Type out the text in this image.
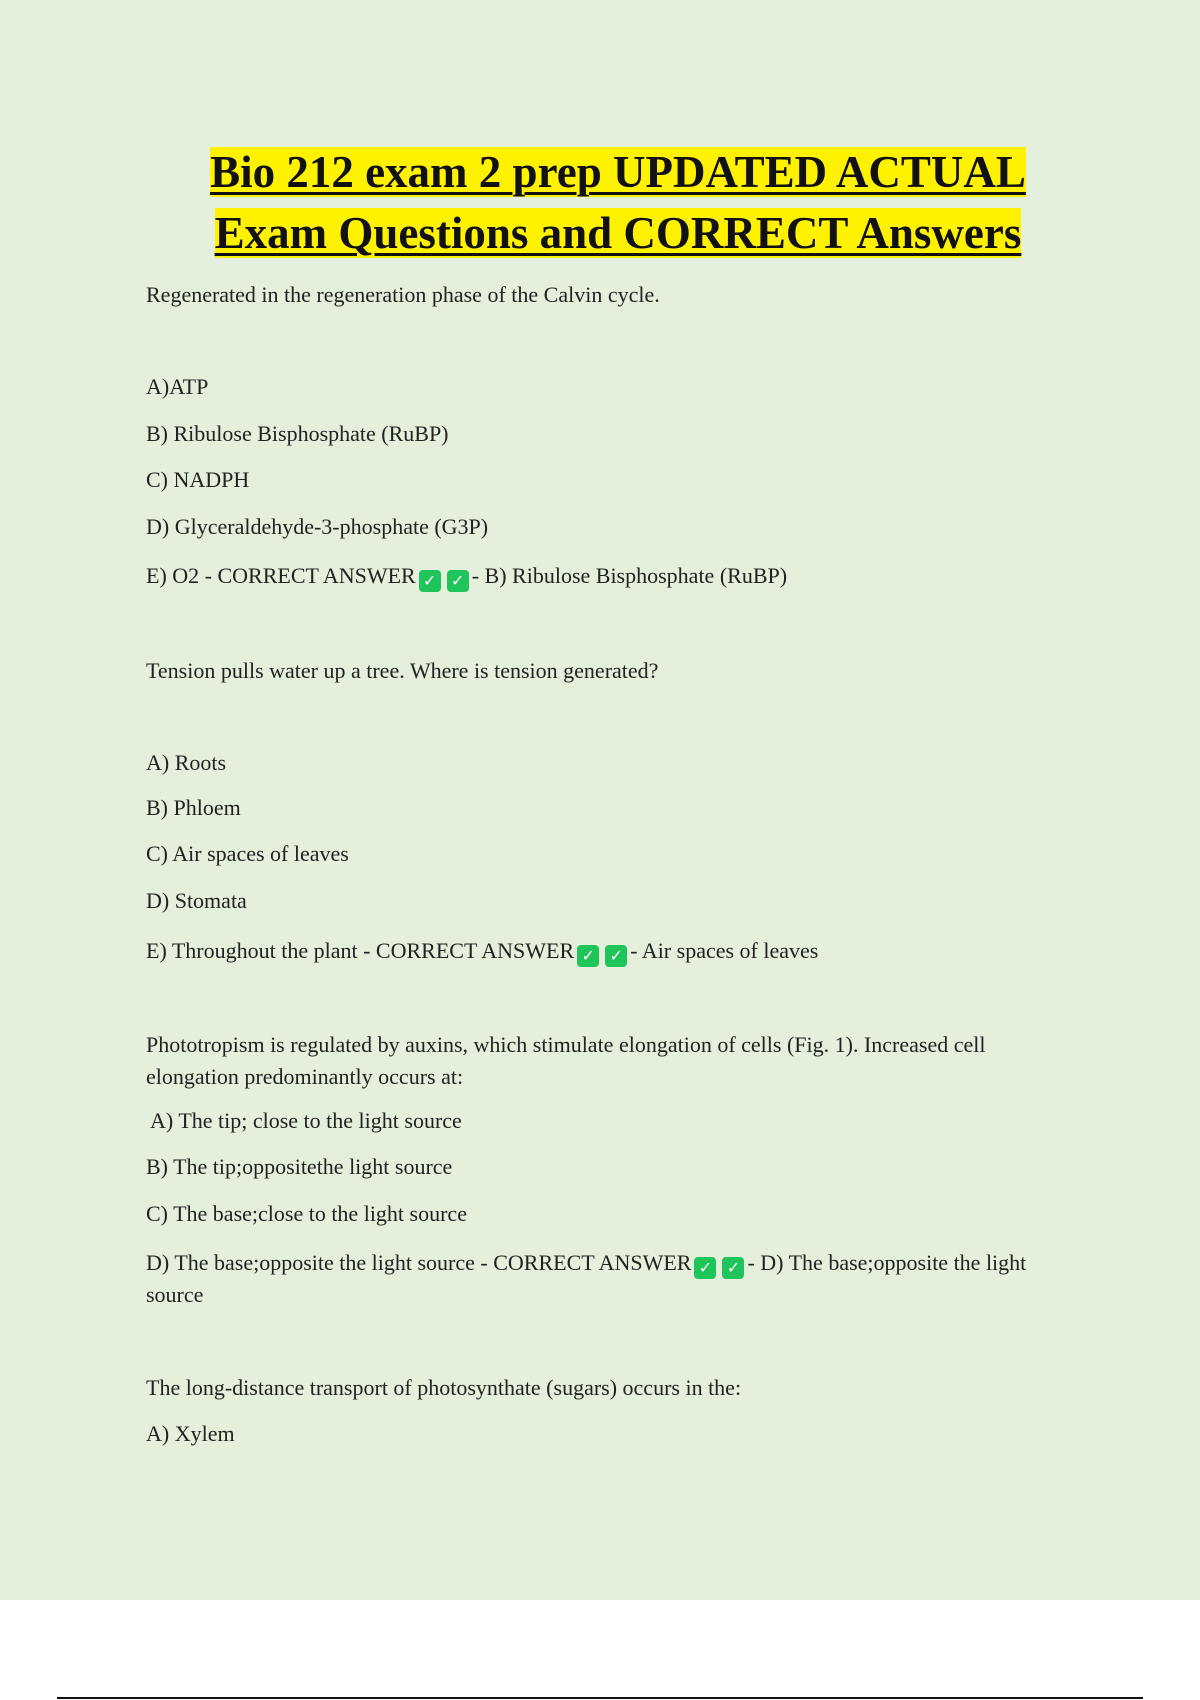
Bio 212 exam 2 prep UPDATED ACTUAL
Exam Questions and CORRECT Answers
Regenerated in the regeneration phase of the Calvin cycle.
A)ATP
B) Ribulose Bisphosphate (RuBP)
C) NADPH
D) Glyceraldehyde-3-phosphate (G3P)
E) O2 - CORRECT ANSWER ✓ ✓ - B) Ribulose Bisphosphate (RuBP)
Tension pulls water up a tree. Where is tension generated?
A) Roots
B) Phloem
C) Air spaces of leaves
D) Stomata
E) Throughout the plant - CORRECT ANSWER ✓ ✓ - Air spaces of leaves
Phototropism is regulated by auxins, which stimulate elongation of cells (Fig. 1). Increased cell elongation predominantly occurs at:
A) The tip; close to the light source
B) The tip;oppositethe light source
C) The base;close to the light source
D) The base;opposite the light source - CORRECT ANSWER ✓ ✓ - D) The base;opposite the light source
The long-distance transport of photosynthate (sugars) occurs in the:
A) Xylem
